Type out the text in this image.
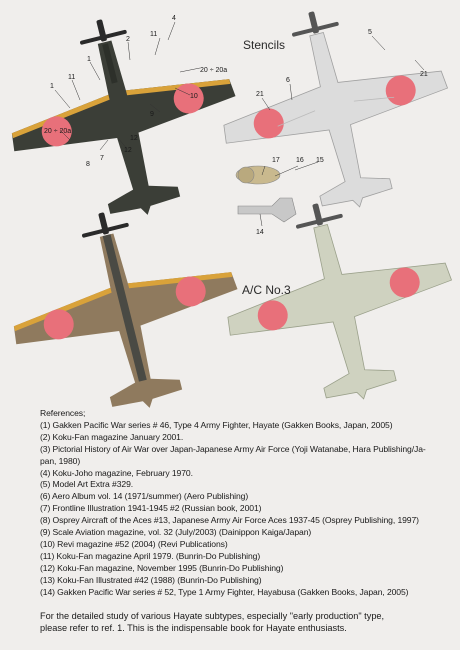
1
11
1
2
4
11
20 ÷ 20a
7
8
12
9
10
20 ÷ 20a
12
5
6
21
21
17 16 15
14
Stencils
A/C No.3
References;
(1) Gakken Pacific War series # 46, Type 4 Army Fighter, Hayate (Gakken Books, Japan, 2005)
(2) Koku-Fan magazine January 2001.
(3) Pictorial History of Air War over Japan-Japanese Army Air Force (Yoji Watanabe, Hara Publishing/Ja-
pan, 1980)
(4) Koku-Joho magazine, February 1970.
(5) Model Art Extra #329.
(6) Aero Album vol. 14 (1971/summer) (Aero Publishing)
(7) Frontline Illustration 1941-1945 #2 (Russian book, 2001)
(8) Osprey Aircraft of the Aces #13, Japanese Army Air Force Aces 1937-45 (Osprey Publishing, 1997)
(9) Scale Aviation magazine, vol. 32 (July/2003) (Dainippon Kaiga/Japan)
(10) Revi magazine #52 (2004) (Revi Publications)
(11) Koku-Fan magazine April 1979. (Bunrin-Do Publishing)
(12) Koku-Fan magazine, November 1995 (Bunrin-Do Publishing)
(13) Koku-Fan Illustrated #42 (1988) (Bunrin-Do Publishing)
(14) Gakken Pacific War series # 52, Type 1 Army Fighter, Hayabusa (Gakken Books, Japan, 2005)
For the detailed study of various Hayate subtypes, especially "early production" type,
please refer to ref. 1. This is the indispensable book for Hayate enthusiasts.
